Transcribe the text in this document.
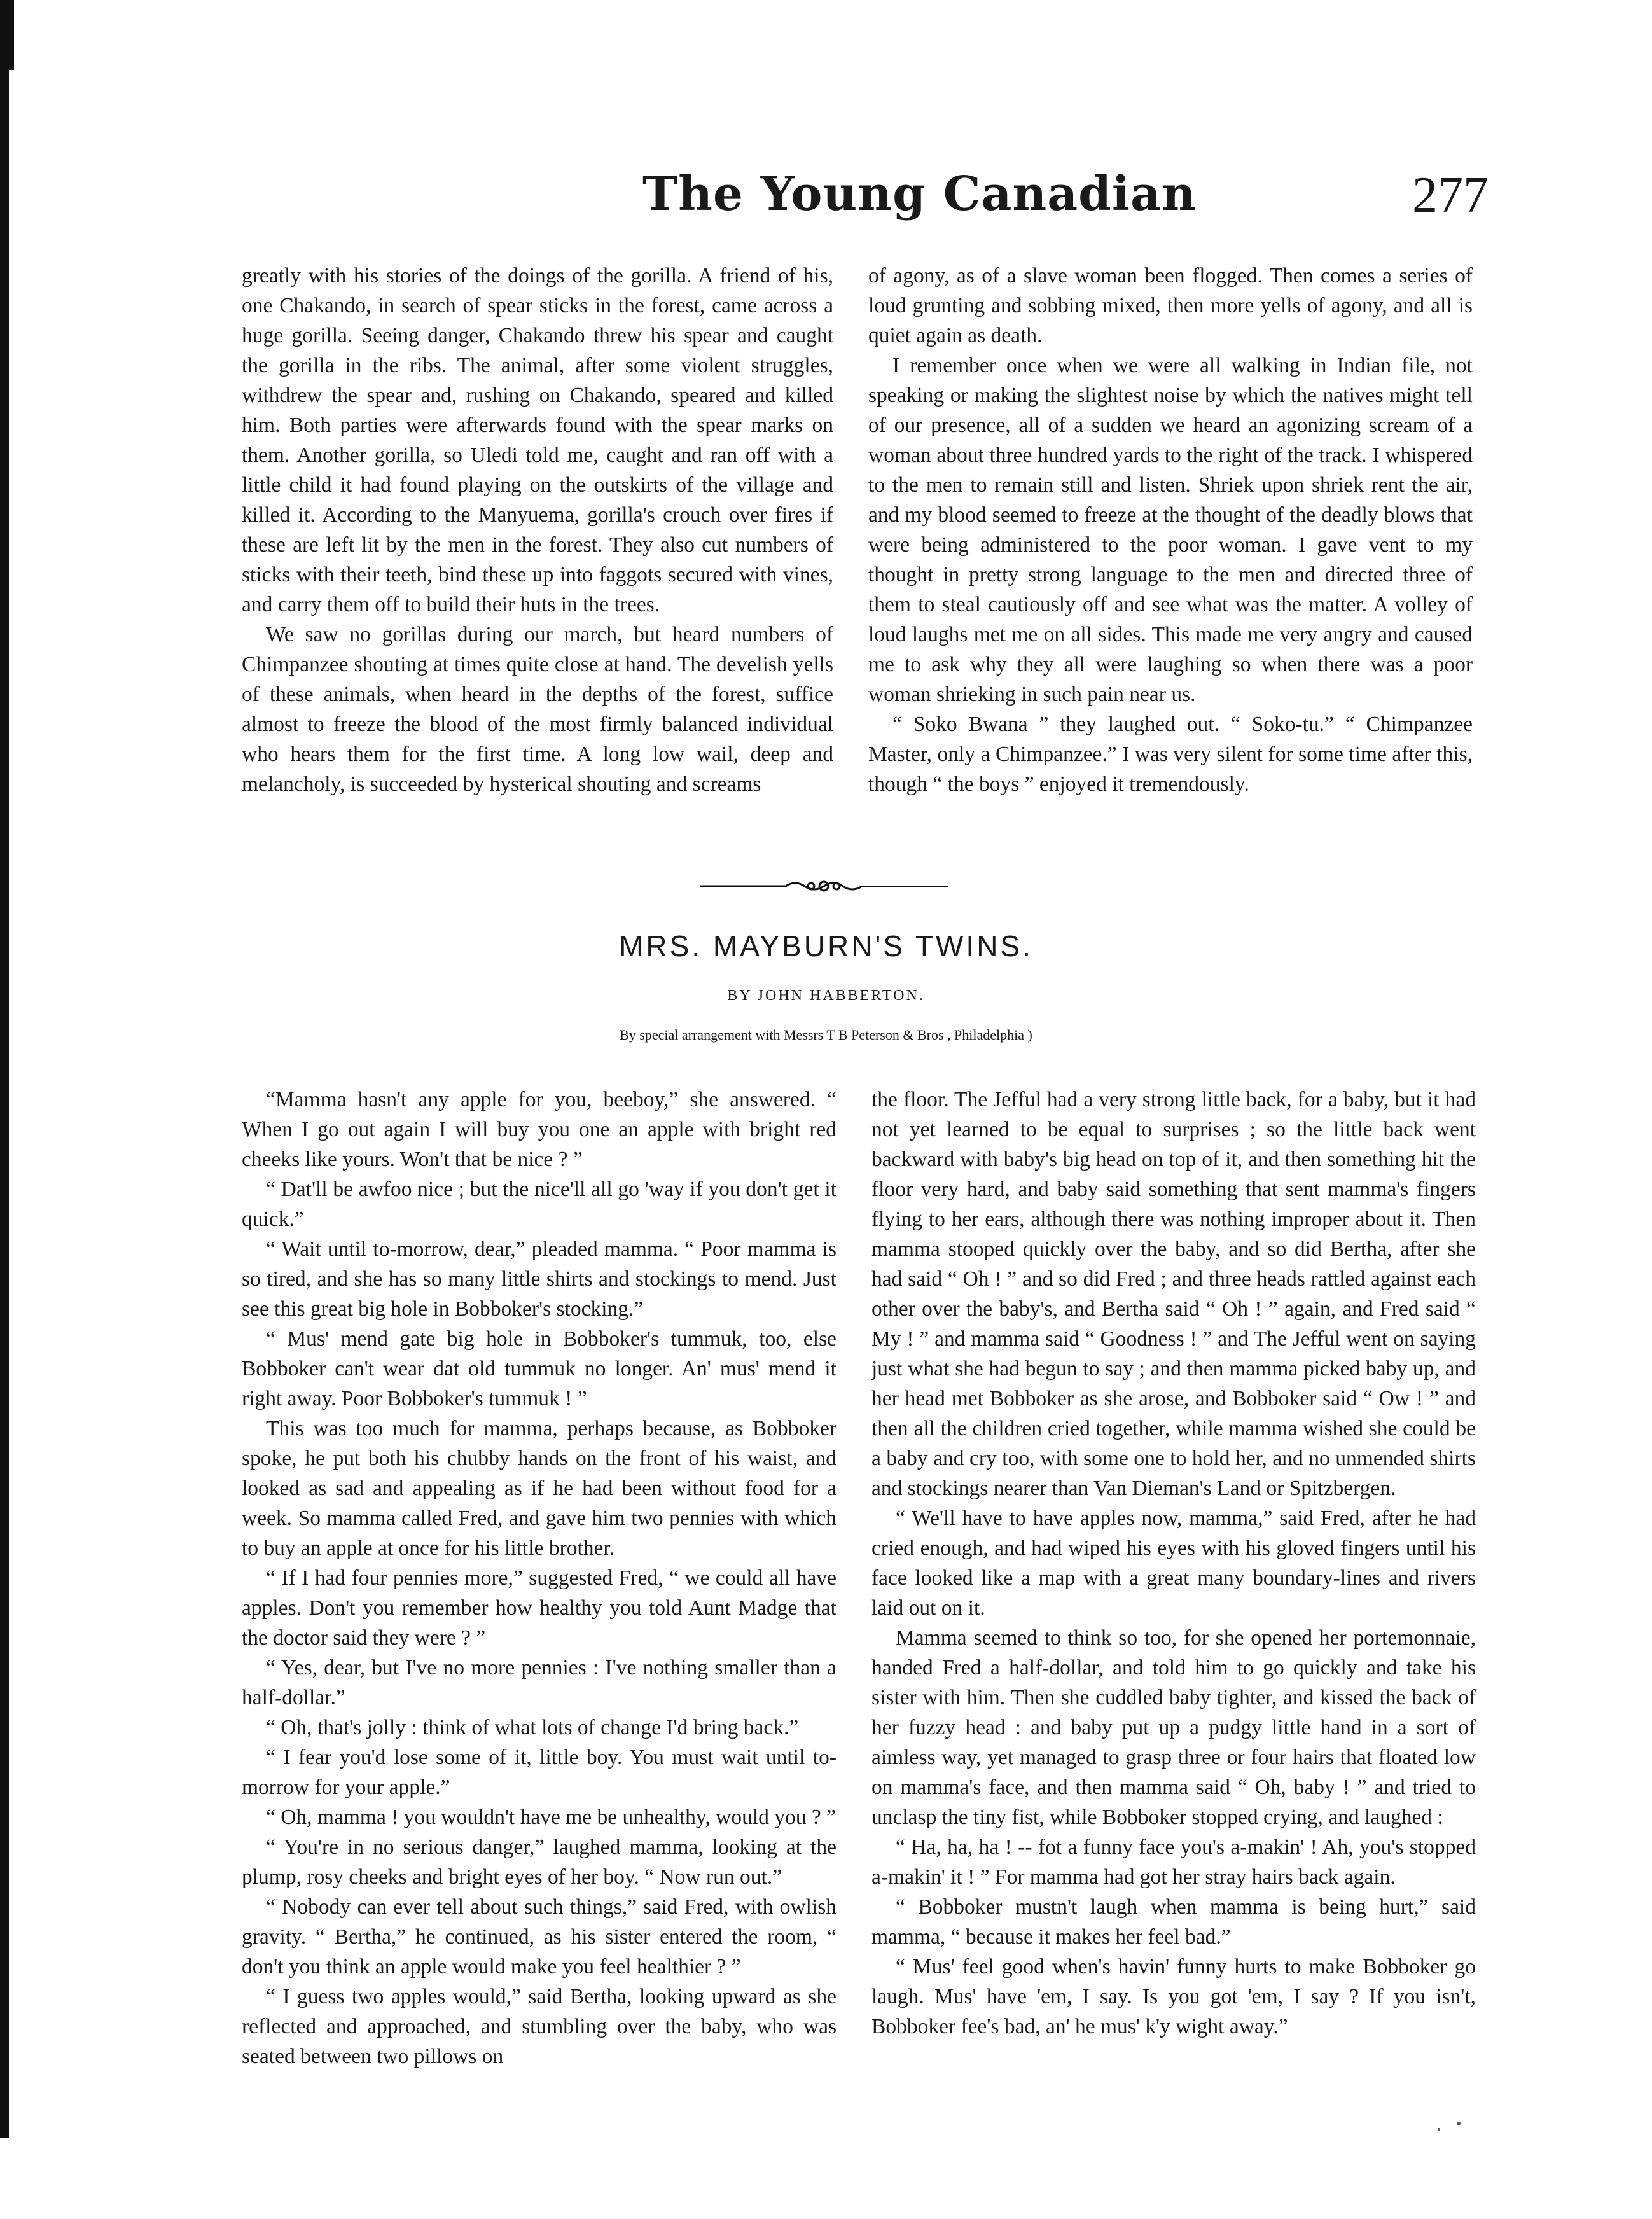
The Young Canadian	277

greatly with his stories of the doings of the gorilla. A friend of his, one Chakando, in search of spear sticks in the forest, came across a huge gorilla. Seeing danger, Chakando threw his spear and caught the gorilla in the ribs. The animal, after some violent struggles, withdrew the spear and, rushing on Chakando, speared and killed him. Both parties were afterwards found with the spear marks on them. Another gorilla, so Uledi told me, caught and ran off with a little child it had found playing on the outskirts of the village and killed it. According to the Manyuema, gorilla's crouch over fires if these are left lit by the men in the forest. They also cut numbers of sticks with their teeth, bind these up into faggots secured with vines, and carry them off to build their huts in the trees.

We saw no gorillas during our march, but heard numbers of Chimpanzee shouting at times quite close at hand. The develish yells of these animals, when heard in the depths of the forest, suffice almost to freeze the blood of the most firmly balanced individual who hears them for the first time. A long low wail, deep and melancholy, is succeeded by hysterical shouting and screams

of agony, as of a slave woman been flogged. Then comes a series of loud grunting and sobbing mixed, then more yells of agony, and all is quiet again as death.

I remember once when we were all walking in Indian file, not speaking or making the slightest noise by which the natives might tell of our presence, all of a sudden we heard an agonizing scream of a woman about three hundred yards to the right of the track. I whispered to the men to remain still and listen. Shriek upon shriek rent the air, and my blood seemed to freeze at the thought of the deadly blows that were being administered to the poor woman. I gave vent to my thought in pretty strong language to the men and directed three of them to steal cautiously off and see what was the matter. A volley of loud laughs met me on all sides. This made me very angry and caused me to ask why they all were laughing so when there was a poor woman shrieking in such pain near us.

“ Soko Bwana ” they laughed out. “ Soko-tu.” “ Chimpanzee Master, only a Chimpanzee.” I was very silent for some time after this, though “ the boys ” enjoyed it tremendously.

MRS. MAYBURN'S TWINS.
BY JOHN HABBERTON.
By special arrangement with Messrs T B Peterson & Bros , Philadelphia )

“Mamma hasn't any apple for you, beeboy,” she answered. “ When I go out again I will buy you one an apple with bright red cheeks like yours. Won't that be nice ? ”

“ Dat'll be awfoo nice ; but the nice'll all go 'way if you don't get it quick.”

“ Wait until to-morrow, dear,” pleaded mamma. “ Poor mamma is so tired, and she has so many little shirts and stockings to mend. Just see this great big hole in Bobboker's stocking.”

“ Mus' mend gate big hole in Bobboker's tummuk, too, else Bobboker can't wear dat old tummuk no longer. An' mus' mend it right away. Poor Bobboker's tummuk ! ”

This was too much for mamma, perhaps because, as Bobboker spoke, he put both his chubby hands on the front of his waist, and looked as sad and appealing as if he had been without food for a week. So mamma called Fred, and gave him two pennies with which to buy an apple at once for his little brother.

“ If I had four pennies more,” suggested Fred, “ we could all have apples. Don't you remember how healthy you told Aunt Madge that the doctor said they were ? ”

“ Yes, dear, but I've no more pennies : I've nothing smaller than a half-dollar.”

“ Oh, that's jolly : think of what lots of change I'd bring back.”

“ I fear you'd lose some of it, little boy. You must wait until to-morrow for your apple.”

“ Oh, mamma ! you wouldn't have me be unhealthy, would you ? ”

“ You're in no serious danger,” laughed mamma, looking at the plump, rosy cheeks and bright eyes of her boy. “ Now run out.”

“ Nobody can ever tell about such things,” said Fred, with owlish gravity. “ Bertha,” he continued, as his sister entered the room, “ don't you think an apple would make you feel healthier ? ”

“ I guess two apples would,” said Bertha, looking upward as she reflected and approached, and stumbling over the baby, who was seated between two pillows on

the floor. The Jefful had a very strong little back, for a baby, but it had not yet learned to be equal to surprises ; so the little back went backward with baby's big head on top of it, and then something hit the floor very hard, and baby said something that sent mamma's fingers flying to her ears, although there was nothing improper about it. Then mamma stooped quickly over the baby, and so did Bertha, after she had said “ Oh ! ” and so did Fred ; and three heads rattled against each other over the baby's, and Bertha said “ Oh ! ” again, and Fred said “ My ! ” and mamma said “ Goodness ! ” and The Jefful went on saying just what she had begun to say ; and then mamma picked baby up, and her head met Bobboker as she arose, and Bobboker said “ Ow ! ” and then all the children cried together, while mamma wished she could be a baby and cry too, with some one to hold her, and no unmended shirts and stockings nearer than Van Dieman's Land or Spitzbergen.

“ We'll have to have apples now, mamma,” said Fred, after he had cried enough, and had wiped his eyes with his gloved fingers until his face looked like a map with a great many boundary-lines and rivers laid out on it.

Mamma seemed to think so too, for she opened her portemonnaie, handed Fred a half-dollar, and told him to go quickly and take his sister with him. Then she cuddled baby tighter, and kissed the back of her fuzzy head : and baby put up a pudgy little hand in a sort of aimless way, yet managed to grasp three or four hairs that floated low on mamma's face, and then mamma said “ Oh, baby ! ” and tried to unclasp the tiny fist, while Bobboker stopped crying, and laughed :

“ Ha, ha, ha ! -- fot a funny face you's a-makin' ! Ah, you's stopped a-makin' it ! ” For mamma had got her stray hairs back again.

“ Bobboker mustn't laugh when mamma is being hurt,” said mamma, “ because it makes her feel bad.”

“ Mus' feel good when's havin' funny hurts to make Bobboker go laugh. Mus' have 'em, I say. Is you got 'em, I say ? If you isn't, Bobboker fee's bad, an' he mus' k'y wight away.”
